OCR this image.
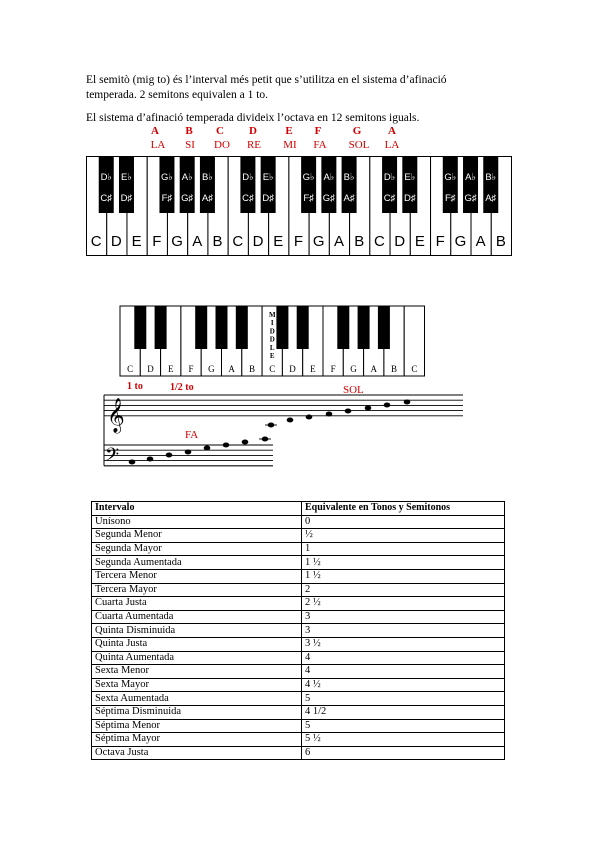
El semitò (mig to) és l’interval més petit que s’utilitza en el sistema d’afinació
temperada. 2 semitons equivalen a 1 to.
El sistema d’afinació temperada divideix l’octava en 12 semitons iguals.
A
LA
B
SI
C
DO
D
RE
E
MI
F
FA
G
SOL
A
LA
C D E F G A B C D E F G A B C D E F G A B
D♭
C♯
E♭
D♯
G♭
F♯
A♭
G♯
B♭
A♯
D♭
C♯
E♭
D♯
G♭
F♯
A♭
G♯
B♭
A♯
D♭
C♯
E♭
D♯
G♭
F♯
A♭
G♯
B♭
A♯
C D E F G A B C D E F G A B C
M
I
D
D
L
E
1 to	1/2 to	SOL
FA
𝄞
𝄢
Intervalo	Equivalente en Tonos y Semitonos
Unísono	0
Segunda Menor	½
Segunda Mayor	1
Segunda Aumentada	1 ½
Tercera Menor	1 ½
Tercera Mayor	2
Cuarta Justa	2 ½
Cuarta Aumentada	3
Quinta Disminuida	3
Quinta Justa	3 ½
Quinta Aumentada	4
Sexta Menor	4
Sexta Mayor	4 ½
Sexta Aumentada	5
Séptima Disminuida	4 1/2
Séptima Menor	5
Séptima Mayor	5 ½
Octava Justa	6
